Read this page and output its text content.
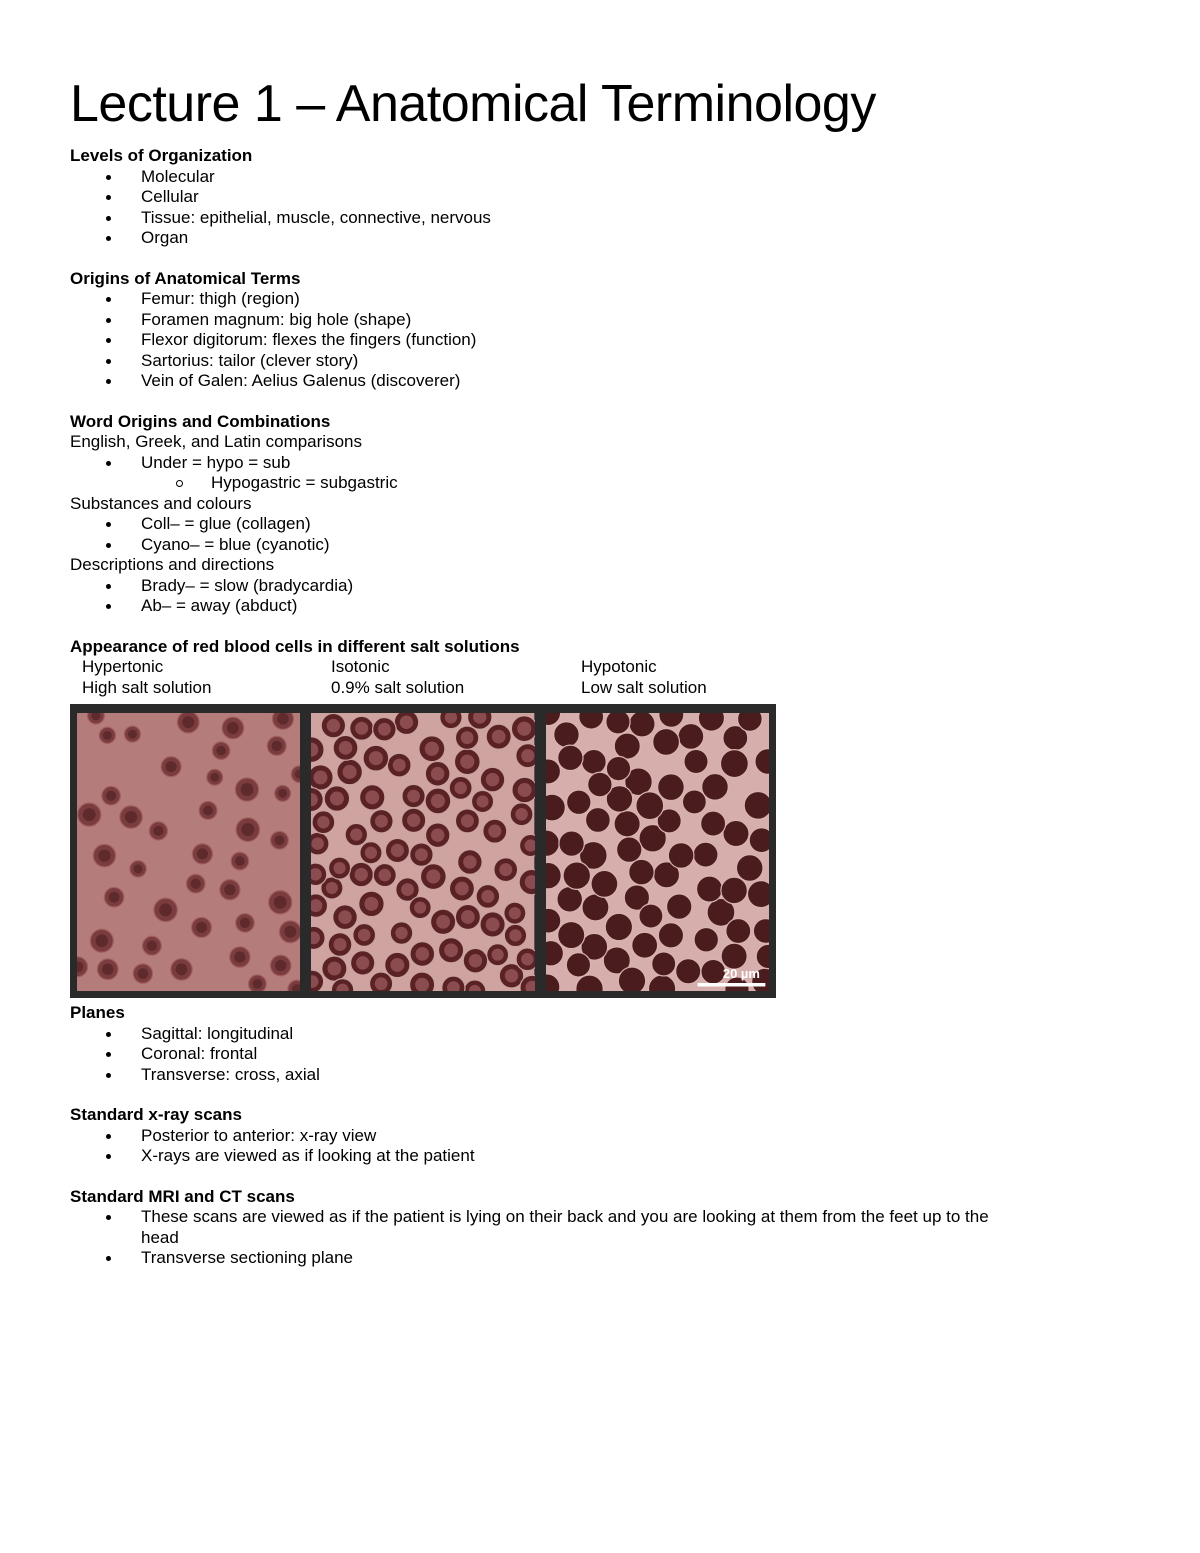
Lecture 1 – Anatomical Terminology

Levels of Organization

Molecular
Cellular
Tissue: epithelial, muscle, connective, nervous
Organ

Origins of Anatomical Terms

Femur: thigh (region)
Foramen magnum: big hole (shape)
Flexor digitorum: flexes the fingers (function)
Sartorius: tailor (clever story)
Vein of Galen: Aelius Galenus (discoverer)

Word Origins and Combinations

English, Greek, and Latin comparisons

Under = hypo = sub
Hypogastric = subgastric

Substances and colours

Coll– = glue (collagen)
Cyano– = blue (cyanotic)

Descriptions and directions

Brady– = slow (bradycardia)
Ab– = away (abduct)

Appearance of red blood cells in different salt solutions

Hypertonic
High salt solution
Isotonic
0.9% salt solution
Hypotonic
Low salt solution
20 µm

Planes

Sagittal: longitudinal
Coronal: frontal
Transverse: cross, axial

Standard x-ray scans

Posterior to anterior: x-ray view
X-rays are viewed as if looking at the patient

Standard MRI and CT scans

These scans are viewed as if the patient is lying on their back and you are looking at them from the feet up to the head
Transverse sectioning plane
